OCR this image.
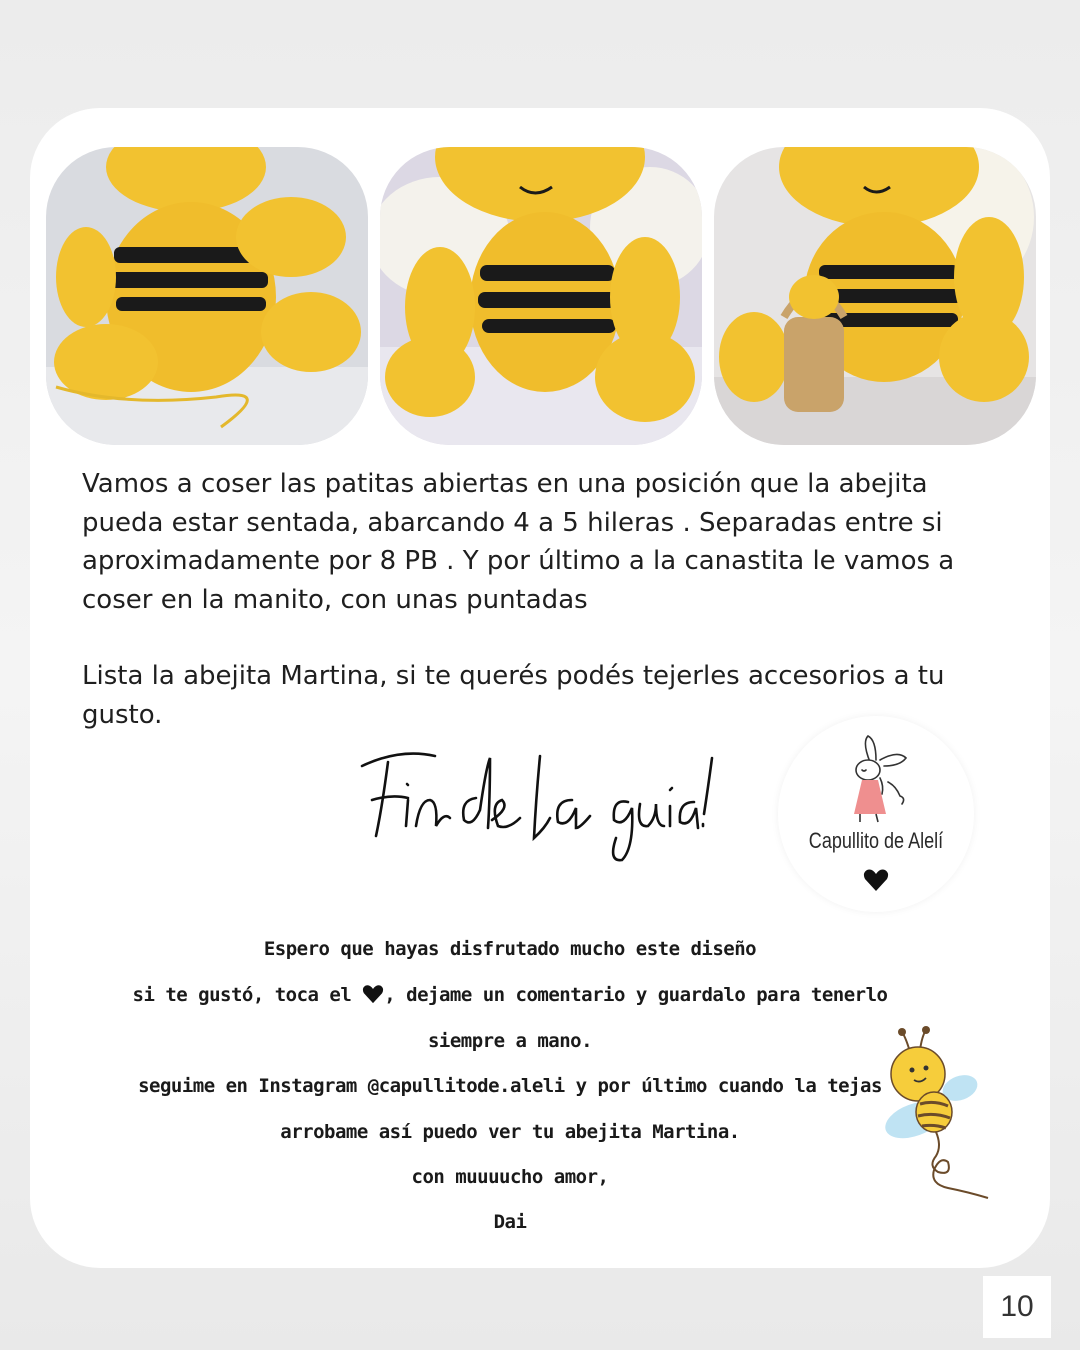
Vamos a coser las patitas abiertas en una posición que la abejita pueda estar sentada, abarcando 4 a 5 hileras . Separadas entre si aproximadamente por 8 PB . Y por último a la canastita le vamos a coser en la manito, con unas puntadas

Lista la abejita Martina, si te querés podés tejerles accesorios a tu gusto.

Capullito de Alelí
Espero que hayas disfrutado mucho este diseño
si te gustó, toca el , dejame un comentario y guardalo para tenerlo
siempre a mano.
seguime en Instagram @capullitode.aleli y por último cuando la tejas
arrobame así puedo ver tu abejita Martina.
con muuuucho amor,
Dai
10
